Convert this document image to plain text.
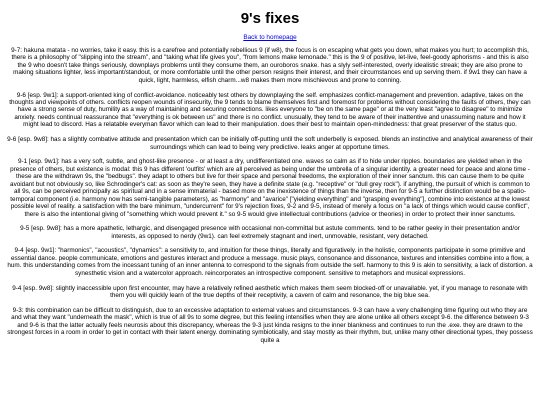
9's fixes
Back to homepage

9-7: hakuna matata - no worries, take it easy. this is a carefree and potentially rebellious 9 (if w8), the focus is on escaping what gets you down, what makes you hurt; to accomplish this, there is a philosophy of "slipping into the stream", and "taking what life gives you", "from lemons make lemonade." this is the 9 of positive, let-live, feel-goody aphorisms - and this is also the 9 who doesn't take things seriously, downplays problems until they consume them, an ouroboros snake. has a slyly self-interested, overly idealistic streak; they are also prone to making situations lighter, less important/standout, or more comfortable until the other person resigns their interest, and their circumstances end up serving them. if 9w1 they can have a quick, light, harmless, elfish charm...w8 makes them more mischievous and prone to conning.

9-6 [esp. 9w1]: a support-oriented king of conflict-avoidance. noticeably test others by downplaying the self. emphasizes conflict-management and prevention. adaptive, takes on the thoughts and viewpoints of others. conflicts reopen wounds of insecurity, the 9 tends to blame themselves first and foremost for problems without considering the faults of others, they can have a strong sense of duty, humility as a way of maintaining and securing connections. likes everyone to "be on the same page" or at the very least "agree to disagree" to minimize anxiety. needs continual reassurance that "everything is ok between us" and there is no conflict. unusually, they tend to be aware of their inattentive and unassuming nature and how it might lead to discord. Has a relatable everyman flavor which can lead to their manipulation. does their best to maintain open-mindedness: that great preserver of the status quo.

9-6 [esp. 9w8]: has a slightly combative attitude and presentation which can be initially off-putting until the soft underbelly is exposed. blends an instinctive and analytical awareness of their surroundings which can lead to being very predictive. leaks anger at opportune times.

9-1 [esp. 9w1]: has a very soft, subtle, and ghost-like presence - or at least a dry, undifferentiated one. waves so calm as if to hide under ripples. boundaries are yielded when in the presence of others, but existence is modal: this 9 has different 'outfits' which are all perceived as being under the umbrella of a singular identity. a greater need for peace and alone time - these are the withdrawn 9s, the "bedbugs". they adapt to others but live for their space and personal freedoms, the exploration of their inner sanctum. this can cause them to be quite avoidant but not obviously so, like Schrodinger's cat: as soon as they're seen, they have a definite state (e.g. "receptive" or "dull grey rock"). if anything, the pursuit of which is common to all 9s, can be perceived principally as spiritual and in a sense immaterial - based more on the inexistence of things than the inverse, then for 9-5 a further distinction would be a spatio-temporal component (i.e. harmony now has semi-tangible parameters), as "harmony" and "avarice" ["yielding everything" and "grasping everything"], combine into existence at the lowest possible level of reality. a satisfaction with the bare minimum, "undercurrent" for 9's rejection fixes, 9-2 and 9-5, instead of merely a focus on "a lack of things which would cause conflict", there is also the intentional giving of "something which would prevent it." so 9-5 would give intellectual contributions (advice or theories) in order to protect their inner sanctums.

9-5 [esp. 9w8]: has a more apathetic, lethargic, and disengaged presence with occasional non-committal but astute comments. tend to be rather geeky in their presentation and/or interests, as opposed to nerdy (9w1). can feel extremely stagnant and inert, unmovable, resistant, very detached.

9-4 [esp. 9w1]: "harmonics", "acoustics", "dynamics": a sensitivity to, and intuition for these things, literally and figuratively. in the holistic, components participate in some primitive and essential dance. people communicate, emotions and gestures interact and produce a message. music plays, consonance and dissonance, textures and intensities combine into a flow, a hum. this understanding comes from the incessant tuning of an inner antenna to correspond to the signals from outside the self. harmony to this 9 is akin to sensitivity, a lack of distortion. a synesthetic vision and a watercolor approach. reincorporates an introspective component. sensitive to metaphors and musical expressions.

9-4 [esp. 9w8]: slightly inaccessible upon first encounter, may have a relatively refined aesthetic which makes them seem blocked-off or unavailable. yet, if you manage to resonate with them you will quickly learn of the true depths of their receptivity, a cavern of calm and resonance, the big blue sea.

9-3: this combination can be difficult to distinguish, due to an excessive adaptation to external values and circumstances. 9-3 can have a very challenging time figuring out who they are and what they want "underneath the mask", which is true of all 9s to some degree, but this feeling intensifies when they are alone unlike all others except 9-6. the difference between 9-3 and 9-6 is that the latter actually feels neurosis about this discrepancy, whereas the 9-3 just kinda resigns to the inner blankness and continues to run the .exe. they are drawn to the strongest forces in a room in order to get in contact with their latent energy. dominating symbiotically, and stay mostly as their rhythm, but, unlike many other directional types, they possess quite a
